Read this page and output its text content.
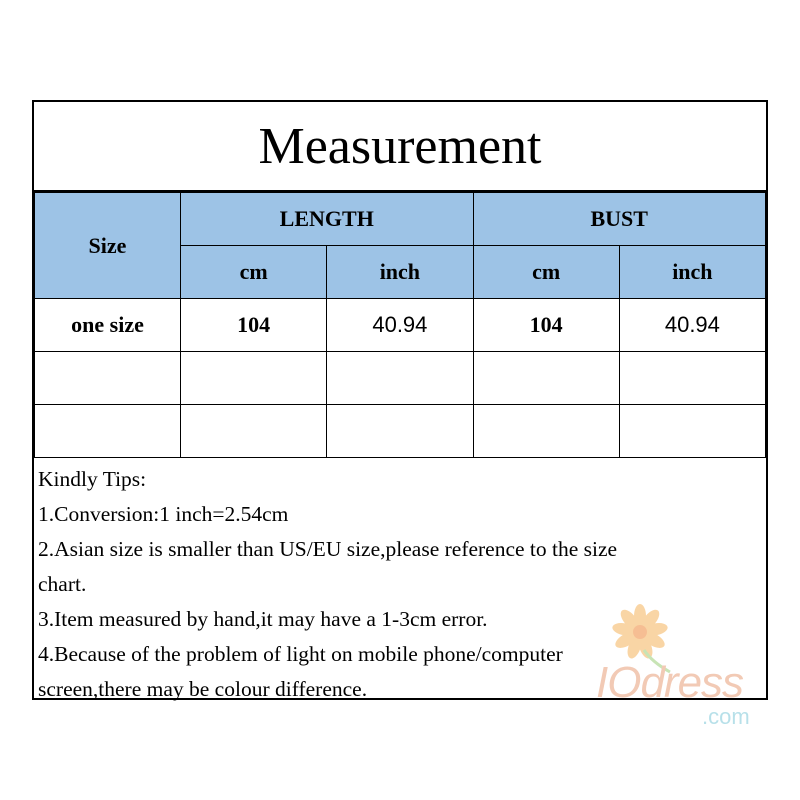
Measurement
Size	LENGTH		BUST	
	cm	inch	cm	inch
one size	104	40.94	104	40.94

Kindly Tips:
1.Conversion:1 inch=2.54cm
2.Asian size is smaller than US/EU size,please reference to the size
chart.
3.Item measured by hand,it may have a 1-3cm error.
4.Because of the problem of light on mobile phone/computer
screen,there may be colour difference.	IOdress
.com
